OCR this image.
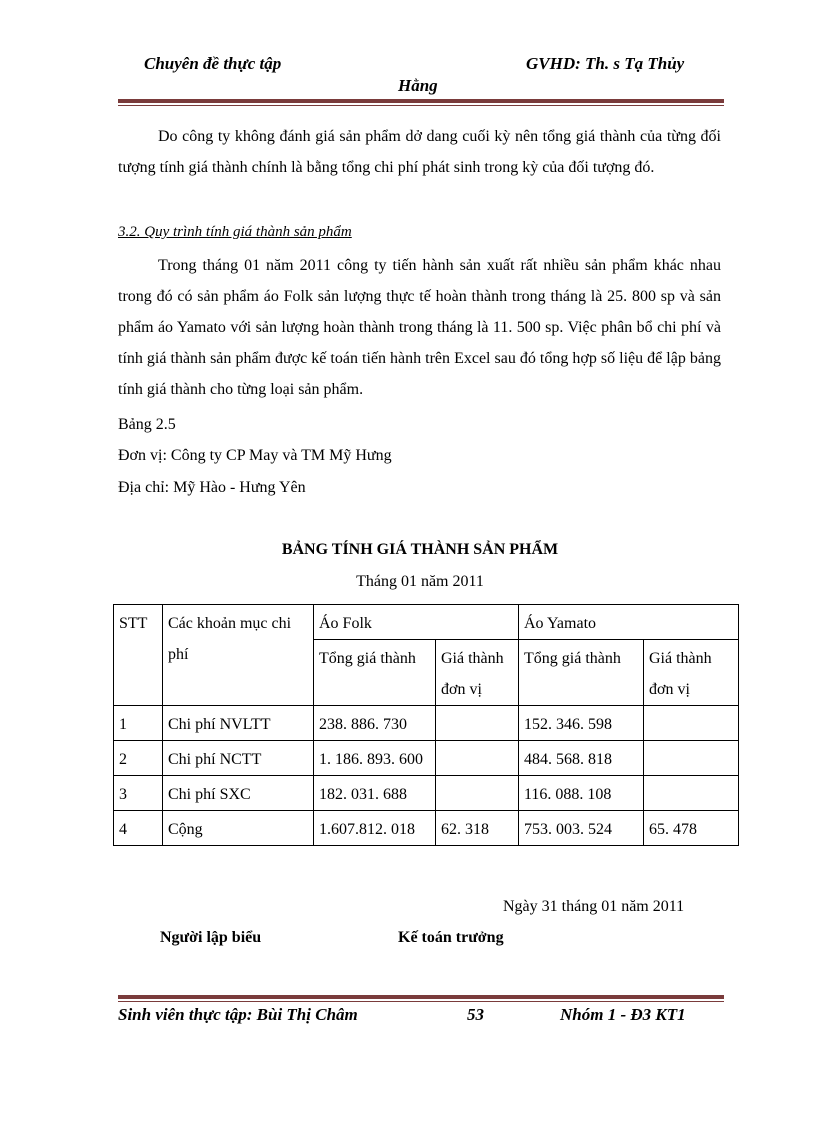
Chuyên đề thực tập	GVHD: Th. s Tạ Thủy
Hằng
Do công ty không đánh giá sản phẩm dở dang cuối kỳ nên tổng giá thành của từng đối tượng tính giá thành chính là bằng tổng chi phí phát sinh trong kỳ của đối tượng đó.
3.2. Quy trình tính giá thành sản phẩm
Trong tháng 01 năm 2011 công ty tiến hành sản xuất rất nhiều sản phẩm khác nhau trong đó có sản phẩm áo Folk sản lượng thực tế hoàn thành trong tháng là 25. 800 sp và sản phẩm áo Yamato với sản lượng hoàn thành trong tháng là 11. 500 sp. Việc phân bổ chi phí và tính giá thành sản phẩm được kế toán tiến hành trên Excel sau đó tổng hợp số liệu để lập bảng tính giá thành cho từng loại sản phẩm.
Bảng 2.5
Đơn vị: Công ty CP May và TM Mỹ Hưng
Địa chỉ: Mỹ Hào - Hưng Yên
BẢNG TÍNH GIÁ THÀNH SẢN PHẨM
Tháng 01 năm 2011
STT	Các khoản mục chi phí	Áo Folk		Áo Yamato	
		Tổng giá thành	Giá thành đơn vị	Tổng giá thành	Giá thành đơn vị
1	Chi phí NVLTT	238. 886. 730		152. 346. 598	
2	Chi phí NCTT	1. 186. 893. 600		484. 568. 818	
3	Chi phí SXC	182. 031. 688		116. 088. 108	
4	Cộng	1.607.812. 018	62. 318	753. 003. 524	65. 478
Ngày 31 tháng 01 năm 2011
Người lập biểu	Kế toán trưởng
Sinh viên thực tập: Bùi Thị Châm	53	Nhóm 1 - Đ3 KT1
